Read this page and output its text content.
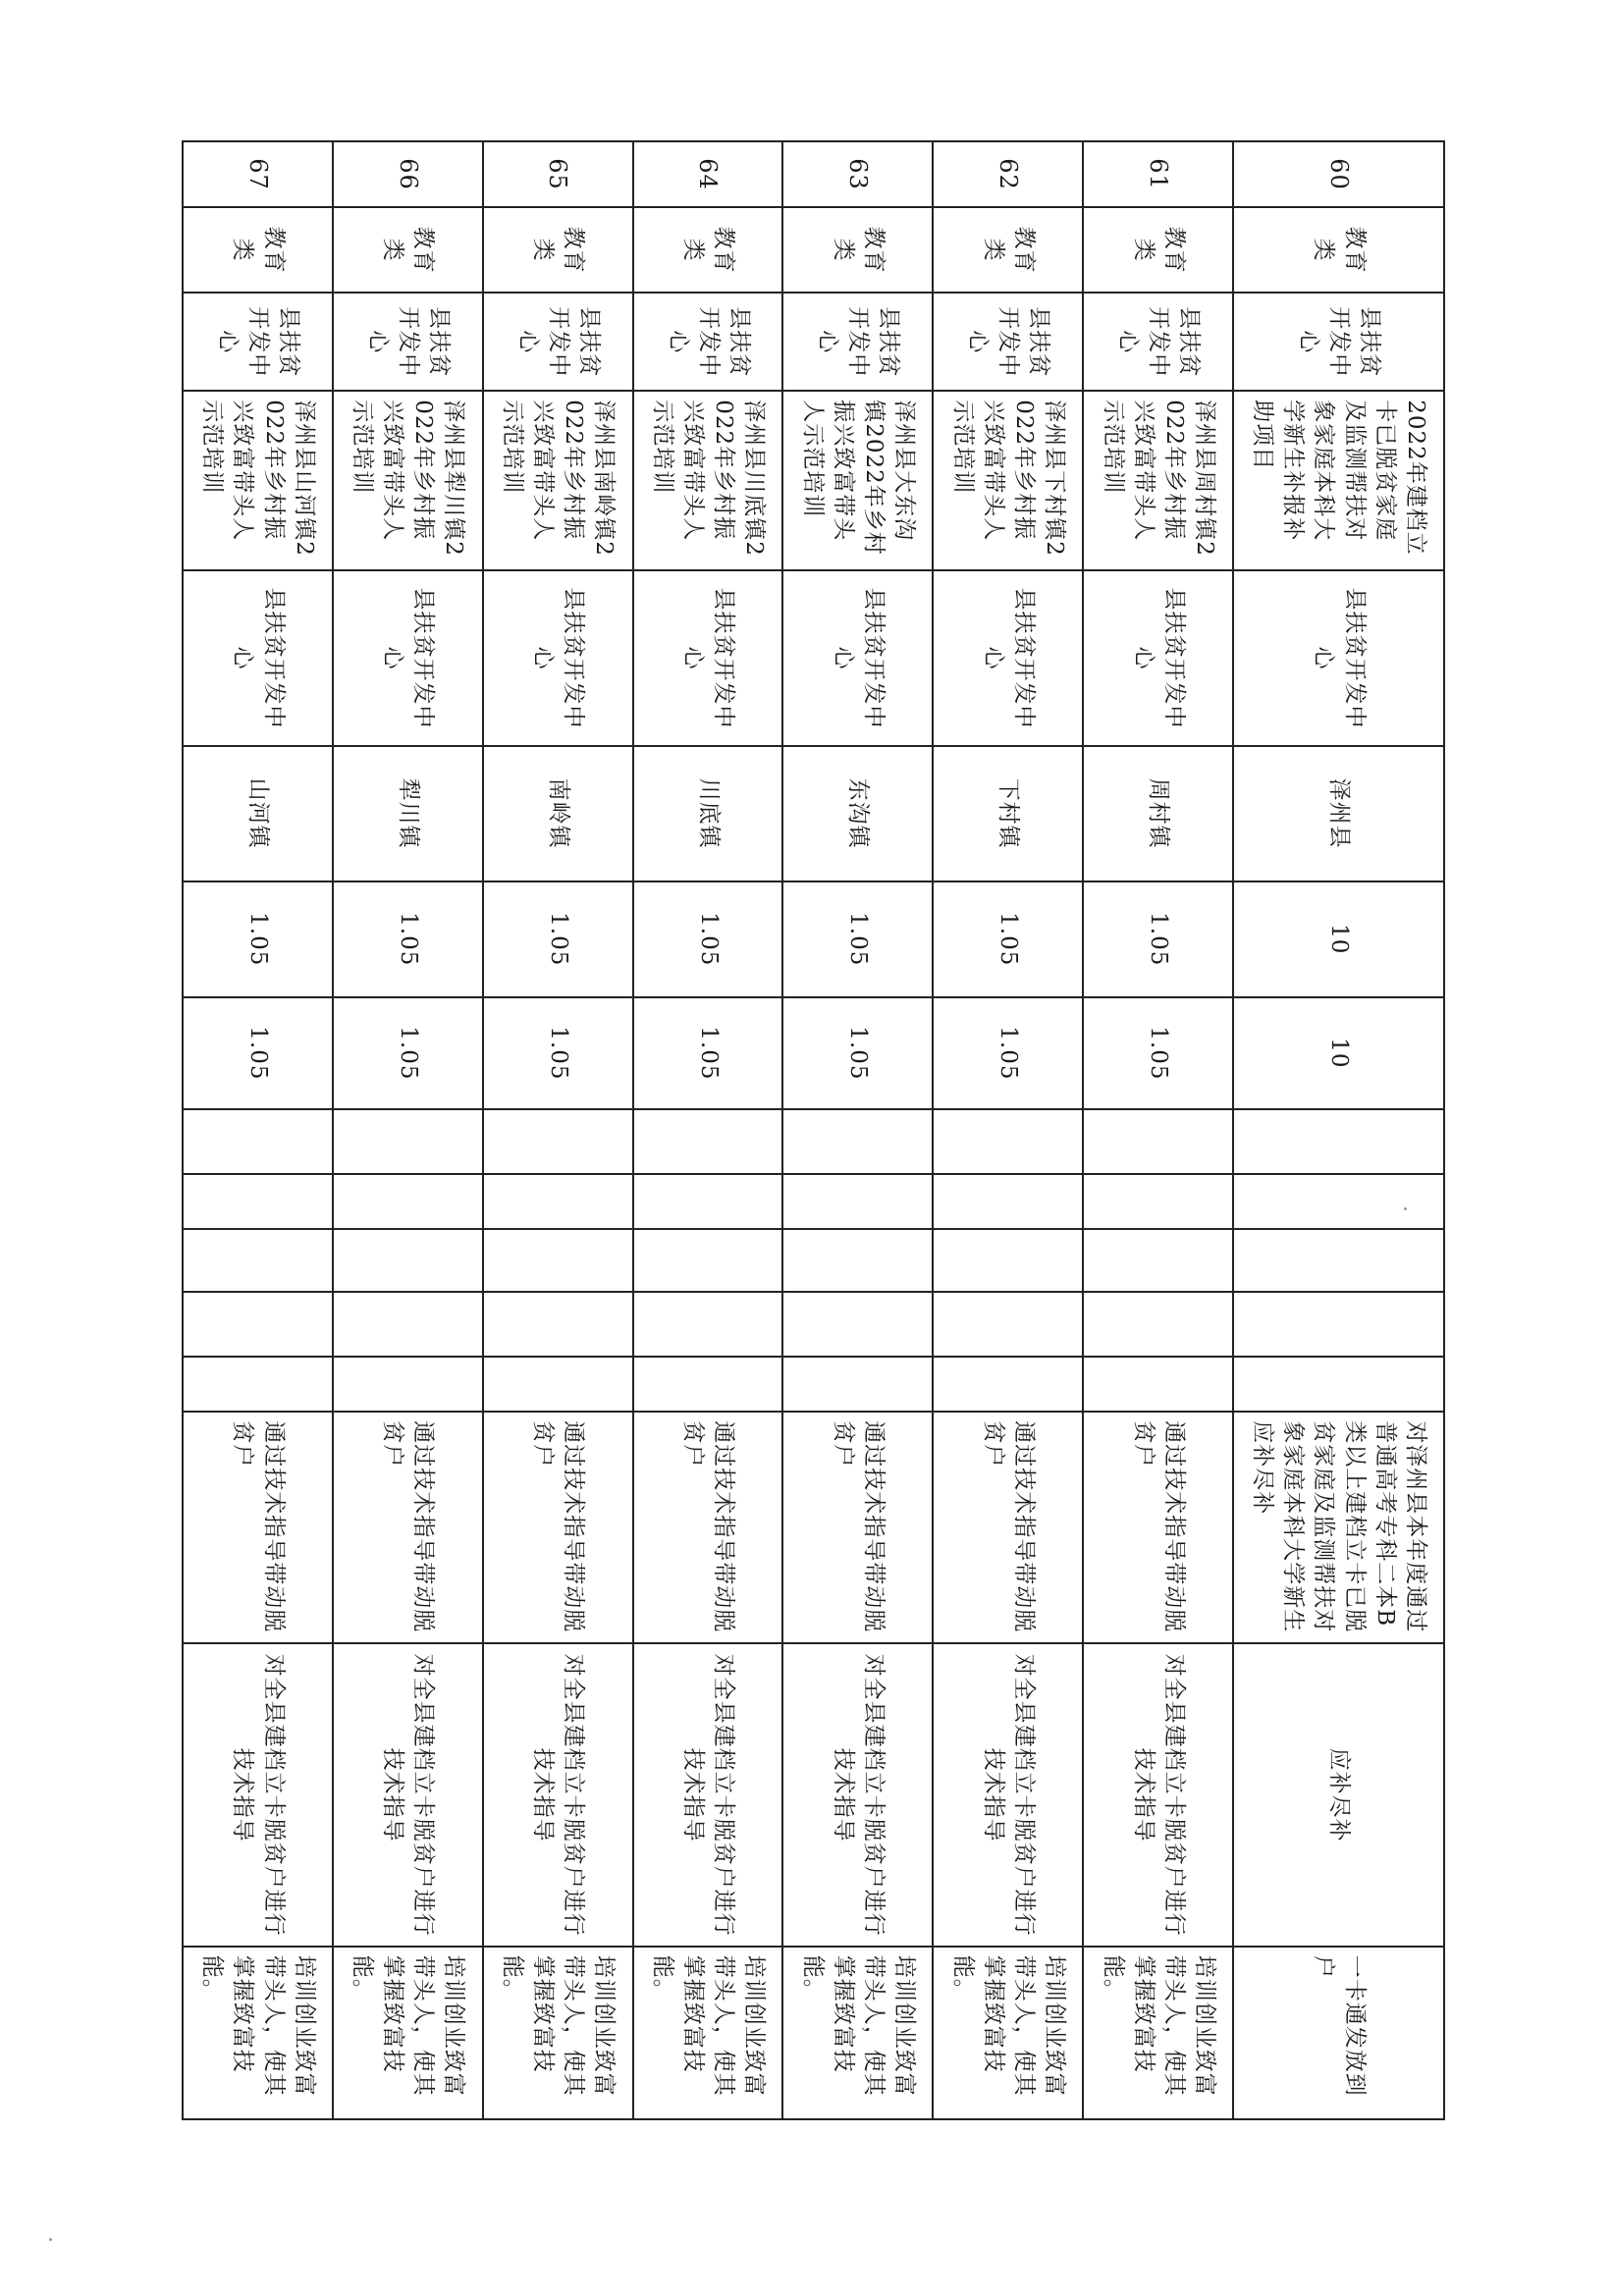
60	教育类	县扶贫开发中心	2022年建档立卡已脱贫家庭及监测帮扶对象家庭本科大学新生补报补助项目	县扶贫开发中心	泽州县	10	10						对泽州县本年度通过普通高考专科二本B类以上建档立卡已脱贫家庭及监测帮扶对象家庭本科大学新生应补尽补	应补尽补	一卡通发放到户
61	教育类	县扶贫开发中心	泽州县周村镇2022年乡村振兴致富带头人示范培训	县扶贫开发中心	周村镇	1.05	1.05						通过技术指导带动脱贫户	对全县建档立卡脱贫户进行技术指导	培训创业致富带头人，使其掌握致富技能。
62	教育类	县扶贫开发中心	泽州县下村镇2022年乡村振兴致富带头人示范培训	县扶贫开发中心	下村镇	1.05	1.05						通过技术指导带动脱贫户	对全县建档立卡脱贫户进行技术指导	培训创业致富带头人，使其掌握致富技能。
63	教育类	县扶贫开发中心	泽州县大东沟镇2022年乡村振兴致富带头人示范培训	县扶贫开发中心	东沟镇	1.05	1.05						通过技术指导带动脱贫户	对全县建档立卡脱贫户进行技术指导	培训创业致富带头人，使其掌握致富技能。
64	教育类	县扶贫开发中心	泽州县川底镇2022年乡村振兴致富带头人示范培训	县扶贫开发中心	川底镇	1.05	1.05						通过技术指导带动脱贫户	对全县建档立卡脱贫户进行技术指导	培训创业致富带头人，使其掌握致富技能。
65	教育类	县扶贫开发中心	泽州县南岭镇2022年乡村振兴致富带头人示范培训	县扶贫开发中心	南岭镇	1.05	1.05						通过技术指导带动脱贫户	对全县建档立卡脱贫户进行技术指导	培训创业致富带头人，使其掌握致富技能。
66	教育类	县扶贫开发中心	泽州县犁川镇2022年乡村振兴致富带头人示范培训	县扶贫开发中心	犁川镇	1.05	1.05						通过技术指导带动脱贫户	对全县建档立卡脱贫户进行技术指导	培训创业致富带头人，使其掌握致富技能。
67	教育类	县扶贫开发中心	泽州县山河镇2022年乡村振兴致富带头人示范培训	县扶贫开发中心	山河镇	1.05	1.05						通过技术指导带动脱贫户	对全县建档立卡脱贫户进行技术指导	培训创业致富带头人，使其掌握致富技能。
